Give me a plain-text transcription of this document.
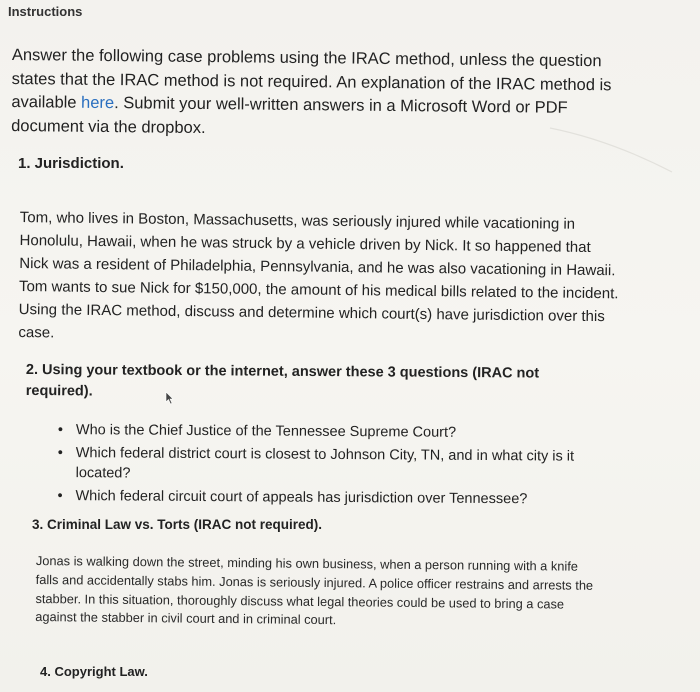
Instructions
Answer the following case problems using the IRAC method, unless the question states that the IRAC method is not required. An explanation of the IRAC method is available here. Submit your well-written answers in a Microsoft Word or PDF document via the dropbox.
1. Jurisdiction.
Tom, who lives in Boston, Massachusetts, was seriously injured while vacationing in Honolulu, Hawaii, when he was struck by a vehicle driven by Nick. It so happened that Nick was a resident of Philadelphia, Pennsylvania, and he was also vacationing in Hawaii. Tom wants to sue Nick for $150,000, the amount of his medical bills related to the incident. Using the IRAC method, discuss and determine which court(s) have jurisdiction over this case.
2. Using your textbook or the internet, answer these 3 questions (IRAC not required).
• Who is the Chief Justice of the Tennessee Supreme Court?
• Which federal district court is closest to Johnson City, TN, and in what city is it located?
• Which federal circuit court of appeals has jurisdiction over Tennessee?
3. Criminal Law vs. Torts (IRAC not required).
Jonas is walking down the street, minding his own business, when a person running with a knife falls and accidentally stabs him. Jonas is seriously injured. A police officer restrains and arrests the stabber. In this situation, thoroughly discuss what legal theories could be used to bring a case against the stabber in civil court and in criminal court.
4. Copyright Law.
